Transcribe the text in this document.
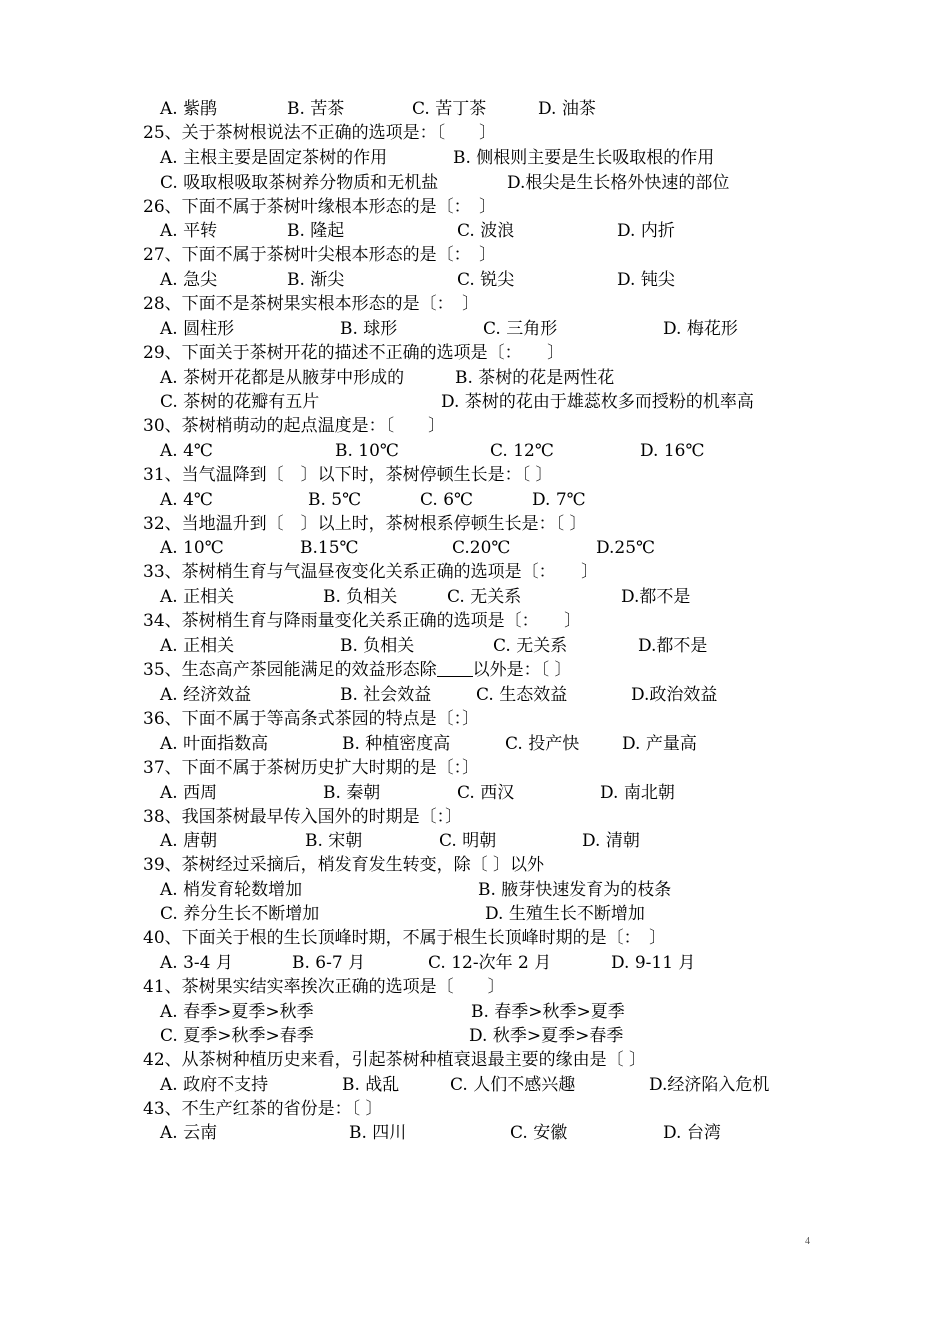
A. 紫鹃	B. 苦茶	C. 苦丁茶	D. 油茶
25、关于茶树根说法不正确的选项是：〔　　〕
A. 主根主要是固定茶树的作用	B. 侧根则主要是生长吸取根的作用
C. 吸取根吸取茶树养分物质和无机盐	D.根尖是生长格外快速的部位
26、下面不属于茶树叶缘根本形态的是〔：　〕
A. 平转	B. 隆起	C. 波浪	D. 内折
27、下面不属于茶树叶尖根本形态的是〔：　〕
A. 急尖	B. 渐尖	C. 锐尖	D. 钝尖
28、下面不是茶树果实根本形态的是〔：　〕
A. 圆柱形	B. 球形	C. 三角形	D. 梅花形
29、下面关于茶树开花的描述不正确的选项是〔：　　〕
A. 茶树开花都是从腋芽中形成的	B. 茶树的花是两性花
C. 茶树的花瓣有五片	D. 茶树的花由于雄蕊枚多而授粉的机率高
30、茶树梢萌动的起点温度是：〔　　〕
A. 4℃	B. 10℃	C. 12℃	D. 16℃
31、当气温降到〔　〕以下时，茶树停顿生长是：〔 〕
A. 4℃	B. 5℃	C. 6℃	D. 7℃
32、当地温升到〔　〕以上时，茶树根系停顿生长是：〔 〕
A. 10℃	B.15℃	C.20℃	D.25℃
33、茶树梢生育与气温昼夜变化关系正确的选项是〔：　　〕
A. 正相关	B. 负相关	C. 无关系	D.都不是
34、茶树梢生育与降雨量变化关系正确的选项是〔：　　〕
A. 正相关	B. 负相关	C. 无关系	D.都不是
35、生态高产茶园能满足的效益形态除 以外是：〔 〕
A. 经济效益	B. 社会效益	C. 生态效益	D.政治效益
36、下面不属于等高条式茶园的特点是〔：〕
A. 叶面指数高	B. 种植密度高	C. 投产快	D. 产量高
37、下面不属于茶树历史扩大时期的是〔：〕
A. 西周	B. 秦朝	C. 西汉	D. 南北朝
38、我国茶树最早传入国外的时期是〔：〕
A. 唐朝	B. 宋朝	C. 明朝	D. 清朝
39、茶树经过采摘后，梢发育发生转变，除〔 〕以外
A. 梢发育轮数增加	B. 腋芽快速发育为的枝条
C. 养分生长不断增加	D. 生殖生长不断增加
40、下面关于根的生长顶峰时期，不属于根生长顶峰时期的是〔：　〕
A. 3-4 月	B. 6-7 月	C. 12-次年 2 月	D. 9-11 月
41、茶树果实结实率挨次正确的选项是〔　　〕
A. 春季>夏季>秋季	B. 春季>秋季>夏季
C. 夏季>秋季>春季	D. 秋季>夏季>春季
42、从茶树种植历史来看，引起茶树种植衰退最主要的缘由是〔 〕
A. 政府不支持	B. 战乱	C. 人们不感兴趣	D.经济陷入危机
43、不生产红茶的省份是：〔 〕
A. 云南	B. 四川	C. 安徽	D. 台湾
4
